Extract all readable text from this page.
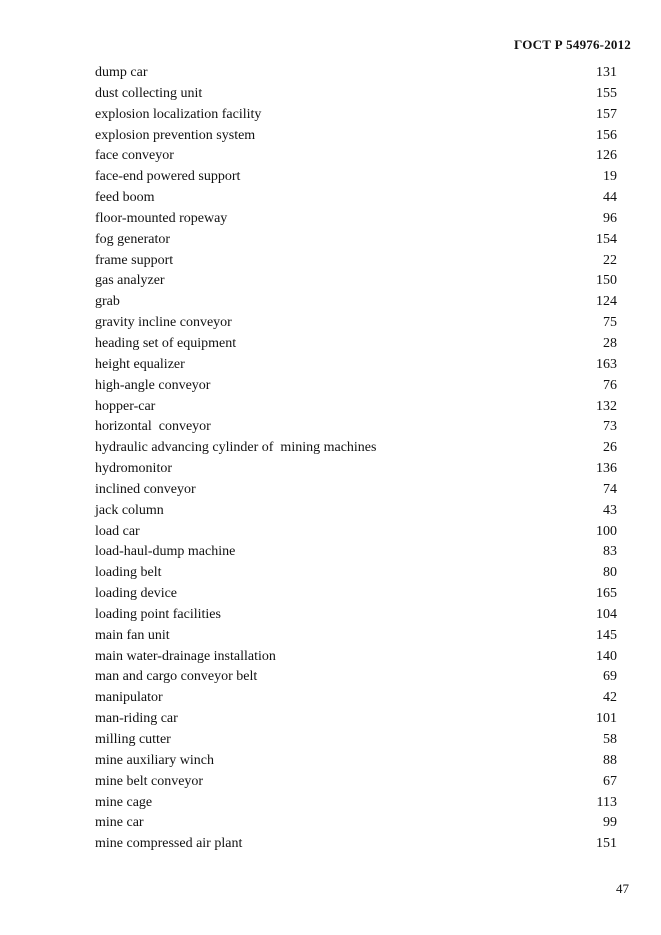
ГОСТ Р 54976-2012
dump car	131
dust collecting unit	155
explosion localization facility	157
explosion prevention system	156
face conveyor	126
face-end powered support	19
feed boom	44
floor-mounted ropeway	96
fog generator	154
frame support	22
gas analyzer	150
grab	124
gravity incline conveyor	75
heading set of equipment	28
height equalizer	163
high-angle conveyor	76
hopper-car	132
horizontal  conveyor	73
hydraulic advancing cylinder of  mining machines	26
hydromonitor	136
inclined conveyor	74
jack column	43
load car	100
load-haul-dump machine	83
loading belt	80
loading device	165
loading point facilities	104
main fan unit	145
main water-drainage installation	140
man and cargo conveyor belt	69
manipulator	42
man-riding car	101
milling cutter	58
mine auxiliary winch	88
mine belt conveyor	67
mine cage	113
mine car	99
mine compressed air plant	151
47
